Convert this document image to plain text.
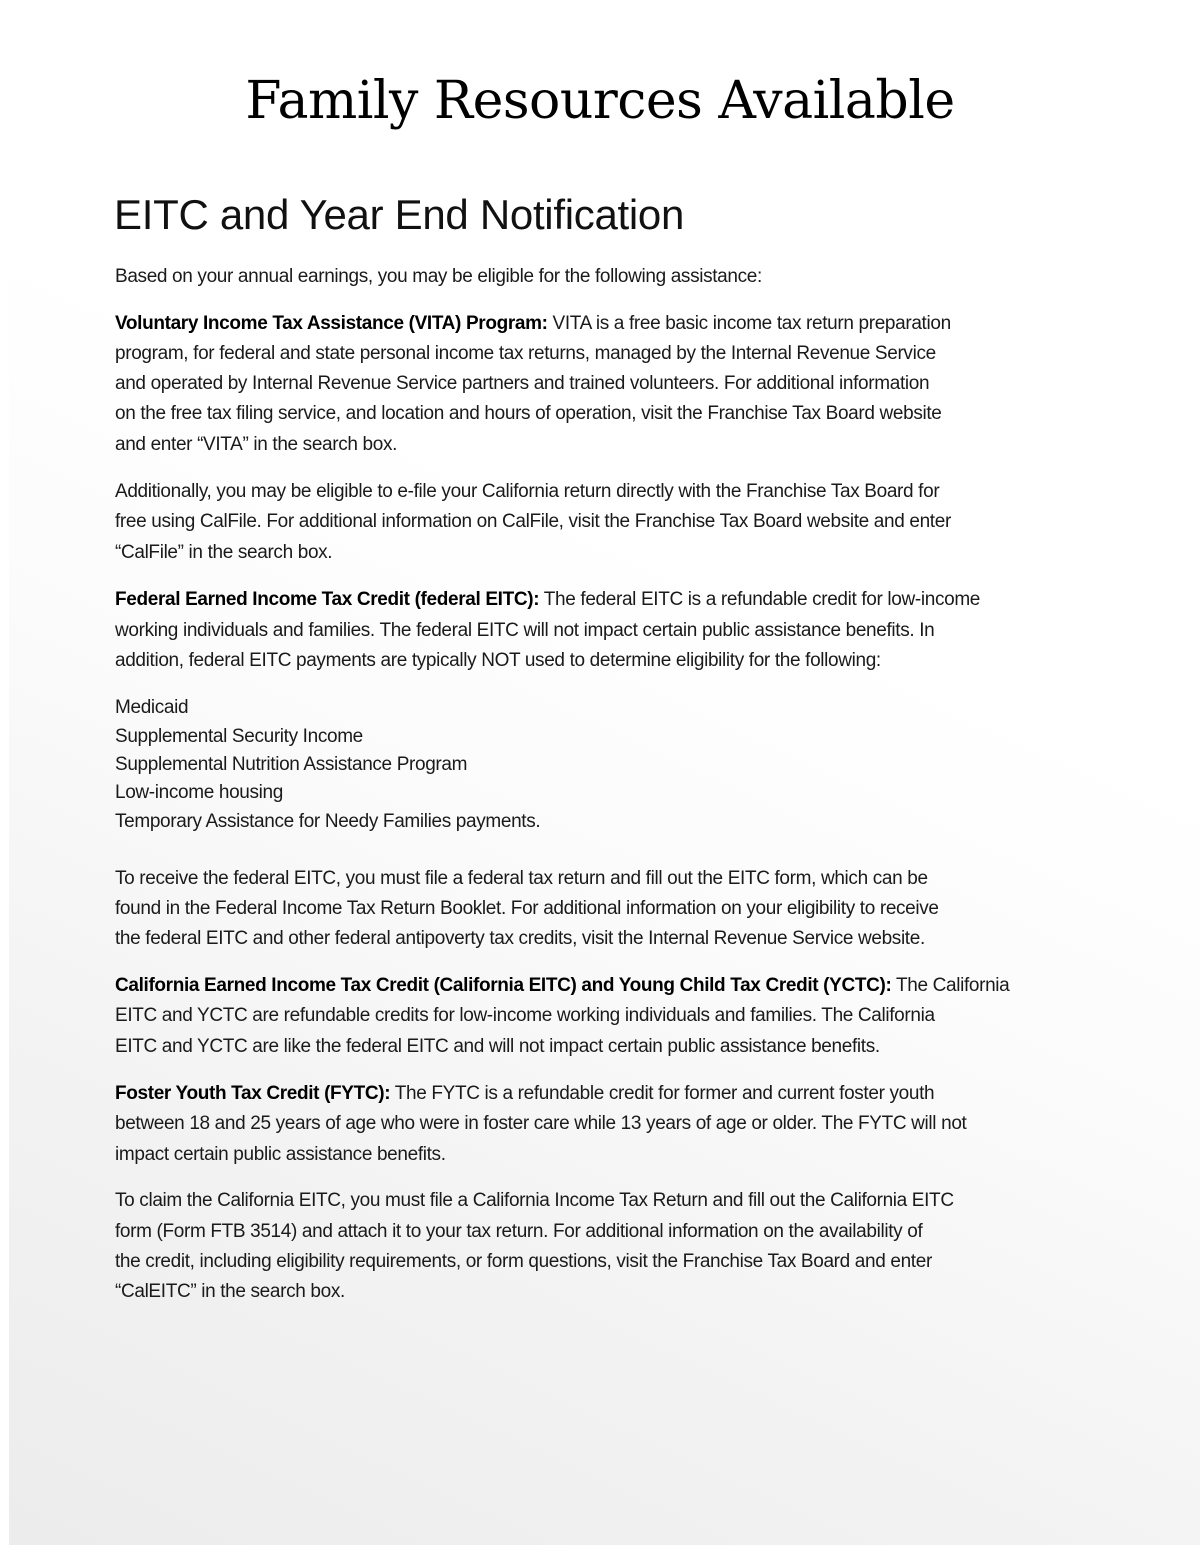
Family Resources Available
EITC and Year End Notification
Based on your annual earnings, you may be eligible for the following assistance:
Voluntary Income Tax Assistance (VITA) Program: VITA is a free basic income tax return preparation
program, for federal and state personal income tax returns, managed by the Internal Revenue Service
and operated by Internal Revenue Service partners and trained volunteers. For additional information
on the free tax filing service, and location and hours of operation, visit the Franchise Tax Board website
and enter “VITA” in the search box.
Additionally, you may be eligible to e-file your California return directly with the Franchise Tax Board for
free using CalFile. For additional information on CalFile, visit the Franchise Tax Board website and enter
“CalFile” in the search box.
Federal Earned Income Tax Credit (federal EITC): The federal EITC is a refundable credit for low-income
working individuals and families. The federal EITC will not impact certain public assistance benefits. In
addition, federal EITC payments are typically NOT used to determine eligibility for the following:
Medicaid
Supplemental Security Income
Supplemental Nutrition Assistance Program
Low-income housing
Temporary Assistance for Needy Families payments.
To receive the federal EITC, you must file a federal tax return and fill out the EITC form, which can be
found in the Federal Income Tax Return Booklet. For additional information on your eligibility to receive
the federal EITC and other federal antipoverty tax credits, visit the Internal Revenue Service website.
California Earned Income Tax Credit (California EITC) and Young Child Tax Credit (YCTC): The California
EITC and YCTC are refundable credits for low-income working individuals and families. The California
EITC and YCTC are like the federal EITC and will not impact certain public assistance benefits.
Foster Youth Tax Credit (FYTC): The FYTC is a refundable credit for former and current foster youth
between 18 and 25 years of age who were in foster care while 13 years of age or older. The FYTC will not
impact certain public assistance benefits.
To claim the California EITC, you must file a California Income Tax Return and fill out the California EITC
form (Form FTB 3514) and attach it to your tax return. For additional information on the availability of
the credit, including eligibility requirements, or form questions, visit the Franchise Tax Board and enter
“CalEITC” in the search box.
